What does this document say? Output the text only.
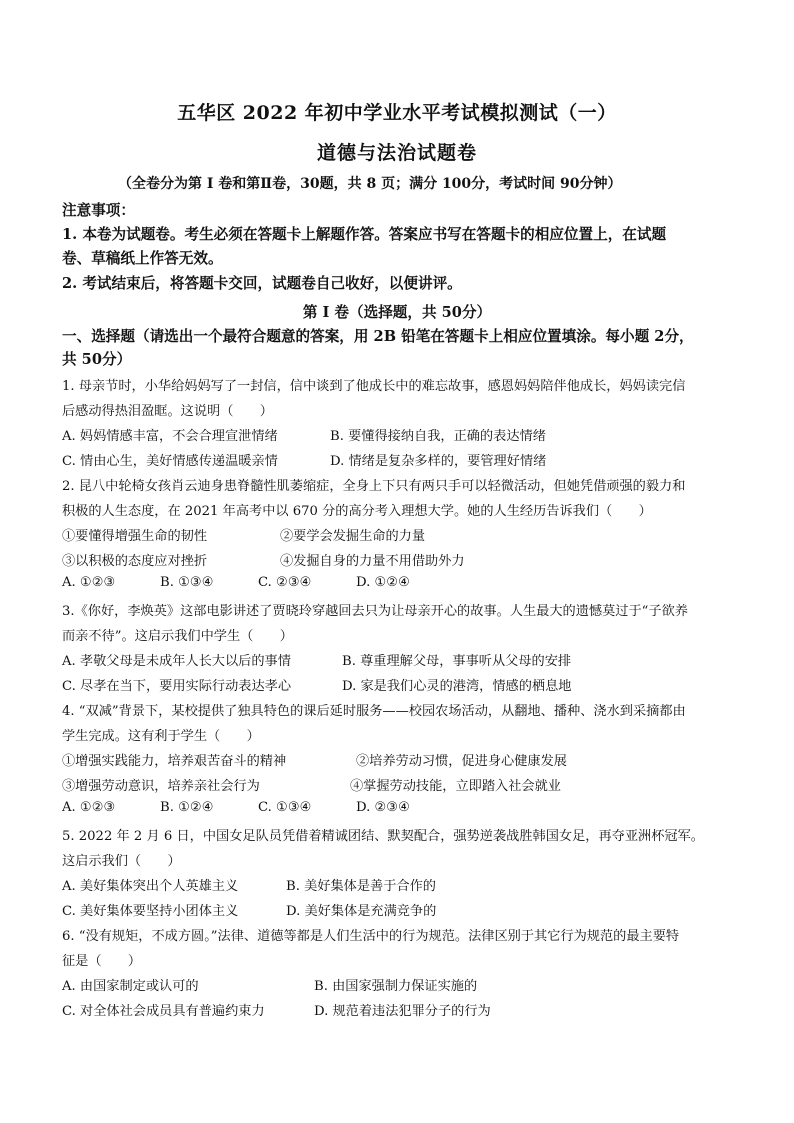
五华区 2022 年初中学业水平考试模拟测试（一）
道德与法治试题卷
（全卷分为第 I 卷和第Ⅱ卷，30题，共 8 页；满分 100分，考试时间 90分钟）
注意事项：
1. 本卷为试题卷。考生必须在答题卡上解题作答。答案应书写在答题卡的相应位置上，在试题
卷、草稿纸上作答无效。
2. 考试结束后，将答题卡交回，试题卷自己收好，以便讲评。
第 I 卷（选择题，共 50分）
一、选择题（请选出一个最符合题意的答案，用 2B 铅笔在答题卡上相应位置填涂。每小题 2分，
共 50分）
1. 母亲节时，小华给妈妈写了一封信，信中谈到了他成长中的难忘故事，感恩妈妈陪伴他成长，妈妈读完信
后感动得热泪盈眶。这说明（　　）
A. 妈妈情感丰富，不会合理宣泄情绪	B. 要懂得接纳自我，正确的表达情绪
C. 情由心生，美好情感传递温暖亲情	D. 情绪是复杂多样的，要管理好情绪
2. 昆八中轮椅女孩肖云迪身患脊髓性肌萎缩症，全身上下只有两只手可以轻微活动，但她凭借顽强的毅力和
积极的人生态度，在 2021 年高考中以 670 分的高分考入理想大学。她的人生经历告诉我们（　　）
①要懂得增强生命的韧性	②要学会发掘生命的力量
③以积极的态度应对挫折	④发掘自身的力量不用借助外力
A. ①②③	B. ①③④	C. ②③④	D. ①②④
3.《你好，李焕英》这部电影讲述了贾晓玲穿越回去只为让母亲开心的故事。人生最大的遗憾莫过于“子欲养
而亲不待”。这启示我们中学生（　　）
A. 孝敬父母是未成年人长大以后的事情	B. 尊重理解父母，事事听从父母的安排
C. 尽孝在当下，要用实际行动表达孝心	D. 家是我们心灵的港湾，情感的栖息地
4. “双减”背景下，某校提供了独具特色的课后延时服务——校园农场活动，从翻地、播种、浇水到采摘都由
学生完成。这有利于学生（　　）
①增强实践能力，培养艰苦奋斗的精神	②培养劳动习惯，促进身心健康发展
③增强劳动意识，培养亲社会行为	④掌握劳动技能，立即踏入社会就业
A. ①②③	B. ①②④	C. ①③④	D. ②③④
5. 2022 年 2 月 6 日，中国女足队员凭借着精诚团结、默契配合，强势逆袭战胜韩国女足，再夺亚洲杯冠军。
这启示我们（　　）
A. 美好集体突出个人英雄主义	B. 美好集体是善于合作的
C. 美好集体要坚持小团体主义	D. 美好集体是充满竞争的
6. “没有规矩，不成方圆。”法律、道德等都是人们生活中的行为规范。法律区别于其它行为规范的最主要特
征是（　　）
A. 由国家制定或认可的	B. 由国家强制力保证实施的
C. 对全体社会成员具有普遍约束力	D. 规范着违法犯罪分子的行为
